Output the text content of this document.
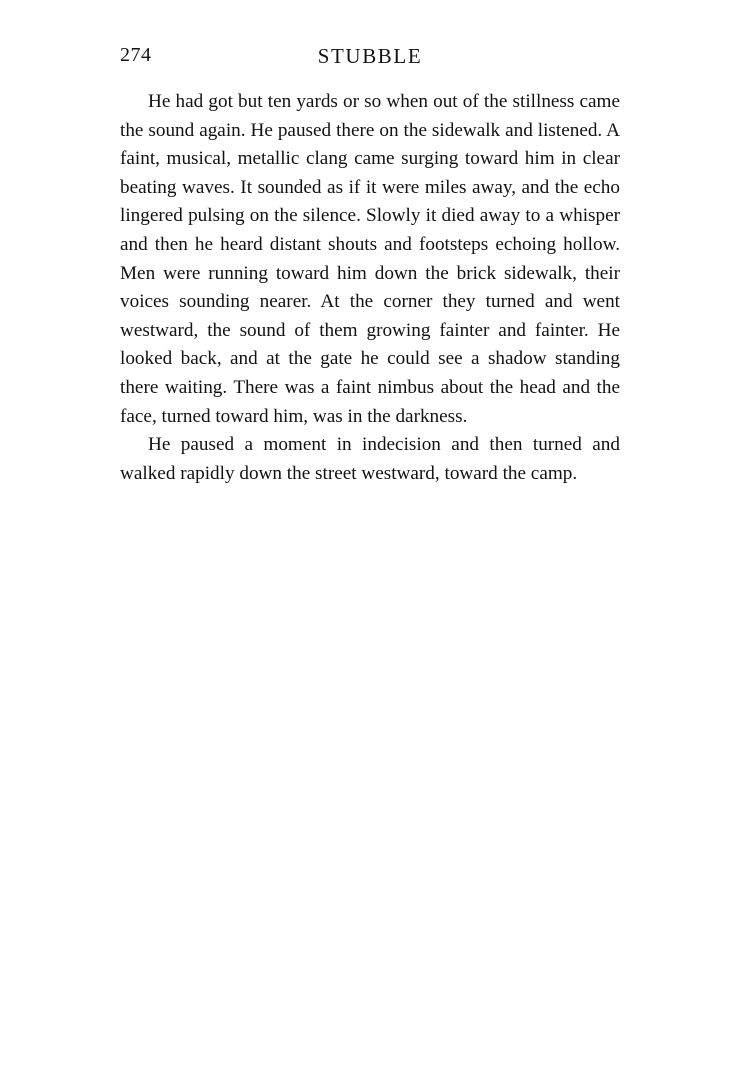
274	STUBBLE

He had got but ten yards or so when out of the stillness came the sound again. He paused there on the sidewalk and listened. A faint, musical, metallic clang came surging toward him in clear beating waves. It sounded as if it were miles away, and the echo lingered pulsing on the silence. Slowly it died away to a whisper and then he heard distant shouts and footsteps echoing hollow. Men were running toward him down the brick sidewalk, their voices sounding nearer. At the corner they turned and went westward, the sound of them growing fainter and fainter. He looked back, and at the gate he could see a shadow standing there waiting. There was a faint nimbus about the head and the face, turned toward him, was in the darkness.

He paused a moment in indecision and then turned and walked rapidly down the street westward, toward the camp.
